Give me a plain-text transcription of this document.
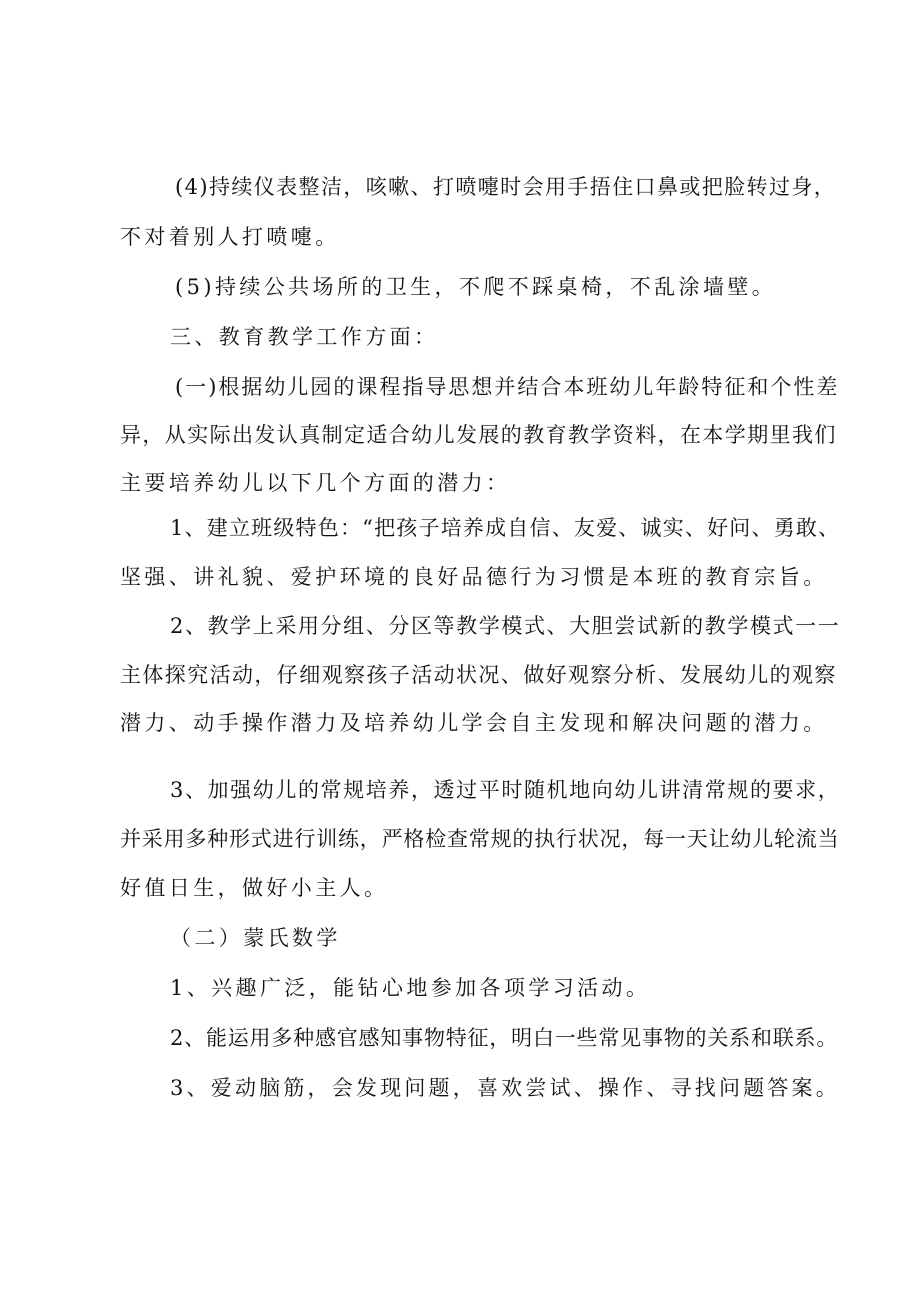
(4)持续仪表整洁，咳嗽、打喷嚏时会用手捂住口鼻或把脸转过身，

不对着别人打喷嚏。

(5)持续公共场所的卫生，不爬不踩桌椅，不乱涂墙壁。

三、教育教学工作方面：

(一)根据幼儿园的课程指导思想并结合本班幼儿年龄特征和个性差

异，从实际出发认真制定适合幼儿发展的教育教学资料，在本学期里我们

主要培养幼儿以下几个方面的潜力：

1、建立班级特色：“把孩子培养成自信、友爱、诚实、好问、勇敢、

坚强、讲礼貌、爱护环境的良好品德行为习惯是本班的教育宗旨。

2、教学上采用分组、分区等教学模式、大胆尝试新的教学模式一一

主体探究活动，仔细观察孩子活动状况、做好观察分析、发展幼儿的观察

潜力、动手操作潜力及培养幼儿学会自主发现和解决问题的潜力。

3、加强幼儿的常规培养，透过平时随机地向幼儿讲清常规的要求，

并采用多种形式进行训练，严格检查常规的执行状况，每一天让幼儿轮流当

好值日生，做好小主人。

（二）蒙氏数学

1、兴趣广泛，能钻心地参加各项学习活动。

2、能运用多种感官感知事物特征，明白一些常见事物的关系和联系。

3、爱动脑筋，会发现问题，喜欢尝试、操作、寻找问题答案。
